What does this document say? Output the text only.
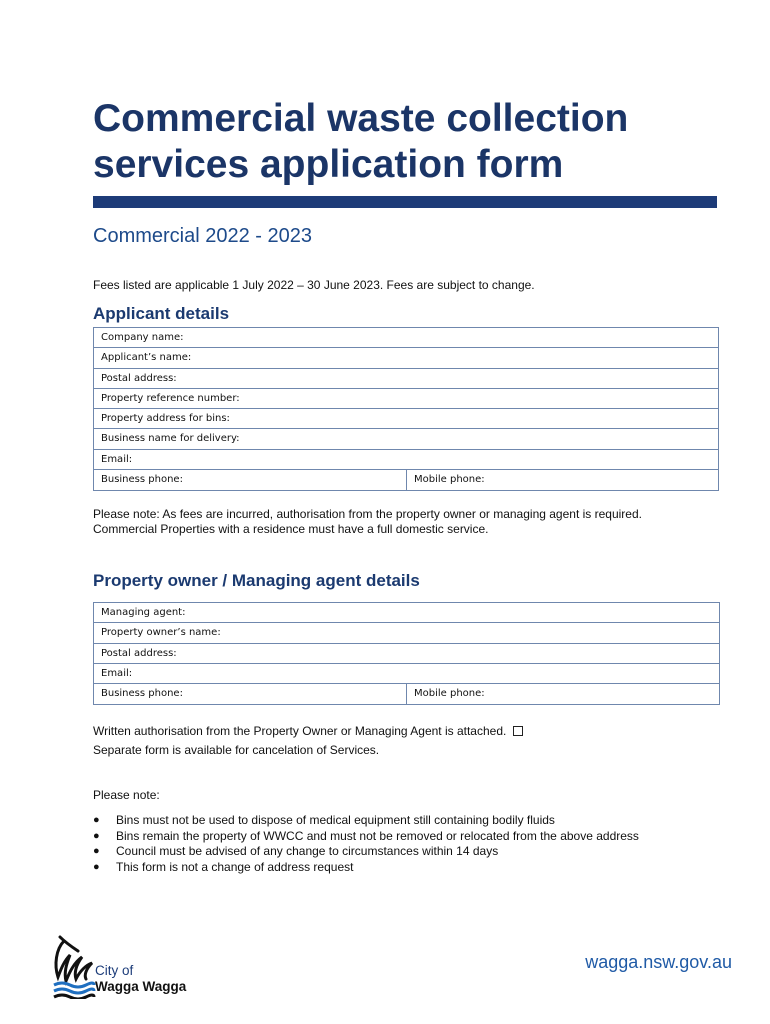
Commercial waste collection
services application form
Commercial 2022 - 2023
Fees listed are applicable 1 July 2022 – 30 June 2023. Fees are subject to change.
Applicant details
Company name:
Applicant’s name:
Postal address:
Property reference number:
Property address for bins:
Business name for delivery:
Email:
Business phone:	Mobile phone:

Please note: As fees are incurred, authorisation from the property owner or managing agent is required.

Commercial Properties with a residence must have a full domestic service.

Property owner / Managing agent details
Managing agent:
Property owner’s name:
Postal address:
Email:
Business phone:	Mobile phone:

Written authorisation from the Property Owner or Managing Agent is attached.

Separate form is available for cancelation of Services.

Please note:
● Bins must not be used to dispose of medical equipment still containing bodily fluids
● Bins remain the property of WWCC and must not be removed or relocated from the above address
● Council must be advised of any change to circumstances within 14 days
● This form is not a change of address request
City of
Wagga Wagga
wagga.nsw.gov.au
